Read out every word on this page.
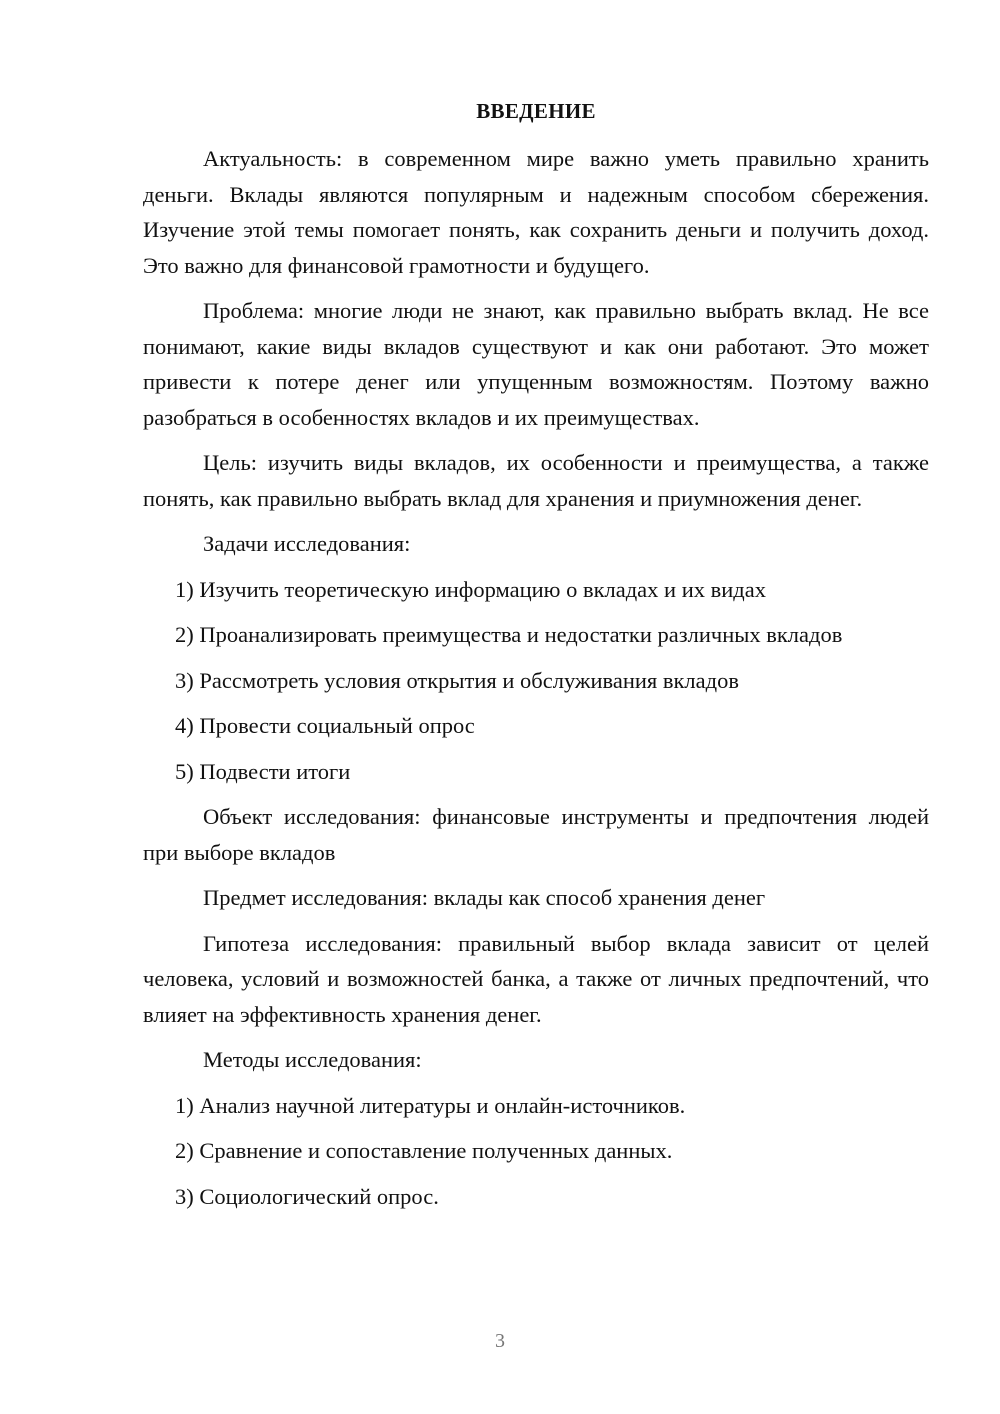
ВВЕДЕНИЕ

Актуальность: в современном мире важно уметь правильно хранить деньги. Вклады являются популярным и надежным способом сбережения. Изучение этой темы помогает понять, как сохранить деньги и получить доход. Это важно для финансовой грамотности и будущего.

Проблема: многие люди не знают, как правильно выбрать вклад. Не все понимают, какие виды вкладов существуют и как они работают. Это может привести к потере денег или упущенным возможностям. Поэтому важно разобраться в особенностях вкладов и их преимуществах.

Цель: изучить виды вкладов, их особенности и преимущества, а также понять, как правильно выбрать вклад для хранения и приумножения денег.

Задачи исследования:

1) Изучить теоретическую информацию о вкладах и их видах
2) Проанализировать преимущества и недостатки различных вкладов
3) Рассмотреть условия открытия и обслуживания вкладов
4) Провести социальный опрос
5) Подвести итоги

Объект исследования: финансовые инструменты и предпочтения людей при выборе вкладов

Предмет исследования: вклады как способ хранения денег

Гипотеза исследования: правильный выбор вклада зависит от целей человека, условий и возможностей банка, а также от личных предпочтений, что влияет на эффективность хранения денег.

Методы исследования:

1) Анализ научной литературы и онлайн-источников.
2) Сравнение и сопоставление полученных данных.
3) Социологический опрос.
3
